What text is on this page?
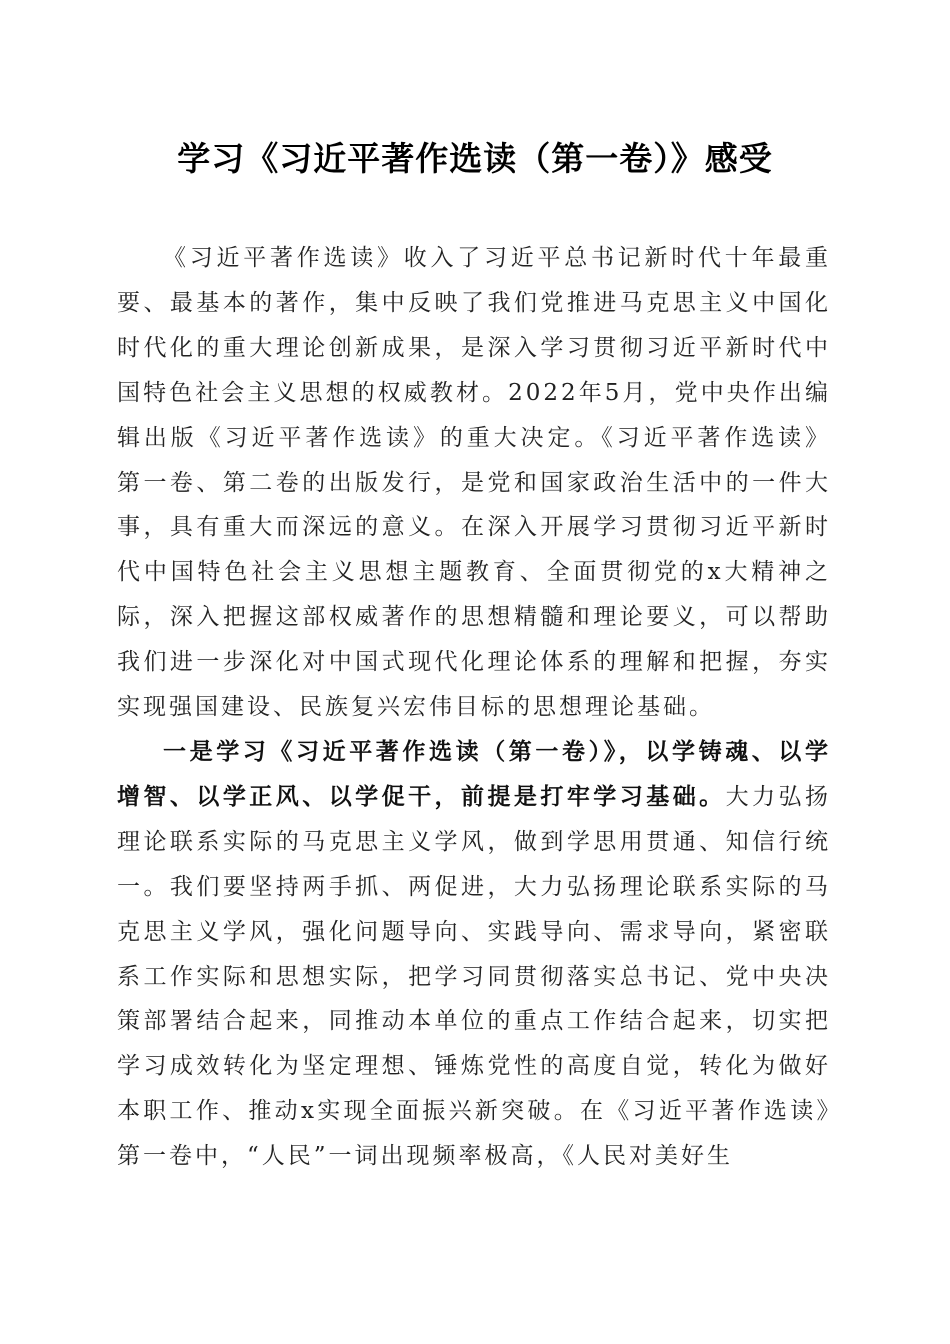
学习《习近平著作选读（第一卷）》感受

《习近平著作选读》收入了习近平总书记新时代十年最重要、最基本的著作，集中反映了我们党推进马克思主义中国化时代化的重大理论创新成果，是深入学习贯彻习近平新时代中国特色社会主义思想的权威教材。2022年5月，党中央作出编辑出版《习近平著作选读》的重大决定。《习近平著作选读》第一卷、第二卷的出版发行，是党和国家政治生活中的一件大事，具有重大而深远的意义。在深入开展学习贯彻习近平新时代中国特色社会主义思想主题教育、全面贯彻党的x大精神之际，深入把握这部权威著作的思想精髓和理论要义，可以帮助我们进一步深化对中国式现代化理论体系的理解和把握，夯实实现强国建设、民族复兴宏伟目标的思想理论基础。

一是学习《习近平著作选读（第一卷）》，以学铸魂、以学增智、以学正风、以学促干，前提是打牢学习基础。大力弘扬理论联系实际的马克思主义学风，做到学思用贯通、知信行统一。我们要坚持两手抓、两促进，大力弘扬理论联系实际的马克思主义学风，强化问题导向、实践导向、需求导向，紧密联系工作实际和思想实际，把学习同贯彻落实总书记、党中央决策部署结合起来，同推动本单位的重点工作结合起来，切实把学习成效转化为坚定理想、锤炼党性的高度自觉，转化为做好本职工作、推动x实现全面振兴新突破。在《习近平著作选读》第一卷中，“人民”一词出现频率极高，《人民对美好生
